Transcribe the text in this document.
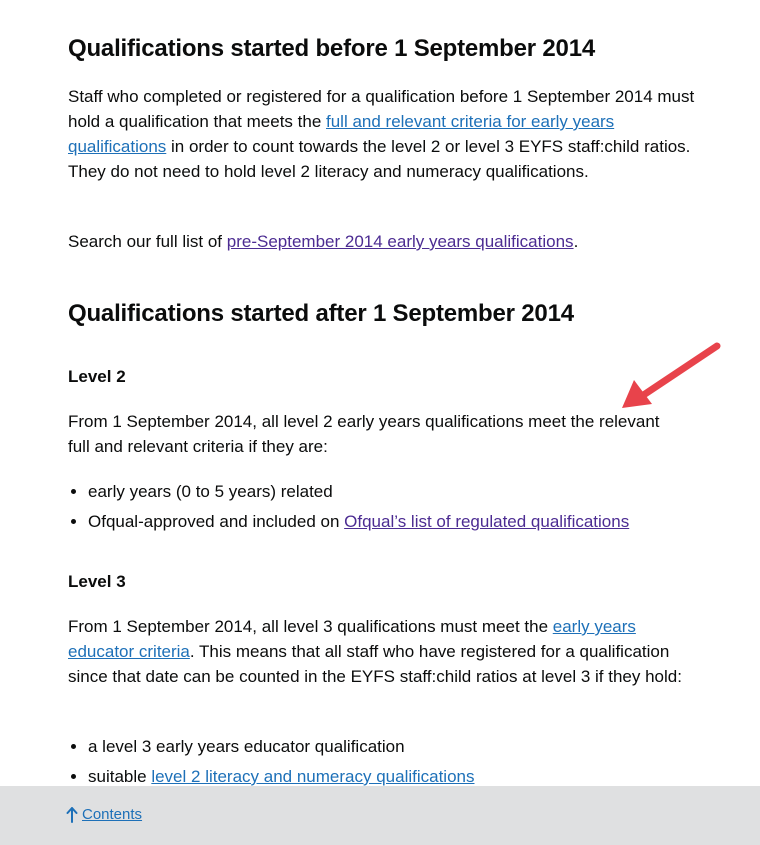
Qualifications started before 1 September 2014

Staff who completed or registered for a qualification before 1 September 2014 must hold a qualification that meets the full and relevant criteria for early years qualifications in order to count towards the level 2 or level 3 EYFS staff:child ratios. They do not need to hold level 2 literacy and numeracy qualifications.

Search our full list of pre-September 2014 early years qualifications.

Qualifications started after 1 September 2014
Level 2

From 1 September 2014, all level 2 early years qualifications meet the relevant full and relevant criteria if they are:

• early years (0 to 5 years) related
• Ofqual-approved and included on Ofqual’s list of regulated qualifications
Level 3

From 1 September 2014, all level 3 qualifications must meet the early years educator criteria. This means that all staff who have registered for a qualification since that date can be counted in the EYFS staff:child ratios at level 3 if they hold:

• a level 3 early years educator qualification
• suitable level 2 literacy and numeracy qualifications
Contents
